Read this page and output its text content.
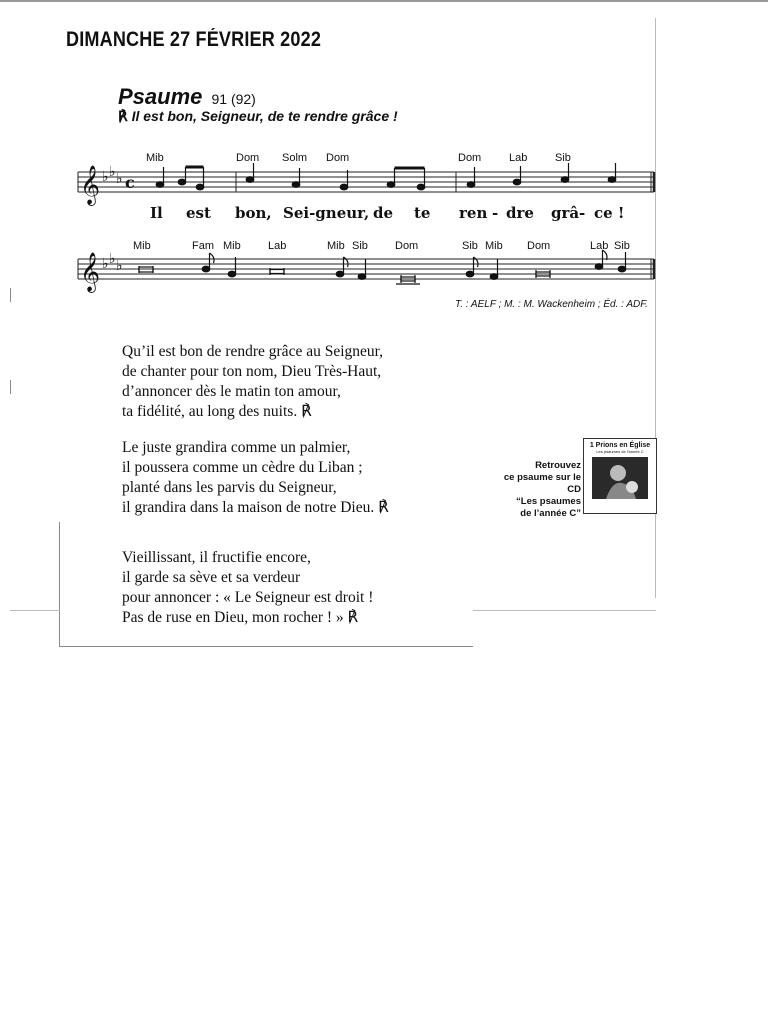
DIMANCHE 27 FÉVRIER 2022
Psaume 91 (92)
℟ Il est bon, Seigneur, de te rendre grâce !
𝄞
𝄞
♭ ♭ ♭
♭ ♭ ♭
c
Mib	Dom Solm Dom	Dom	Lab	Sib
Il est bon, Sei-gneur, de te ren - dre grâ - ce !
Mib	Fam Mib Lab	Mib Sib Dom	Sib Mib Dom	Lab Sib
T. : AELF ; M. : M. Wackenheim ; Éd. : ADF.
Qu’il est bon de rendre grâce au Seigneur,
de chanter pour ton nom, Dieu Très-Haut,
d’annoncer dès le matin ton amour,
ta fidélité, au long des nuits. ℟
Le juste grandira comme un palmier,
il poussera comme un cèdre du Liban ;
planté dans les parvis du Seigneur,
il grandira dans la maison de notre Dieu. ℟
Vieillissant, il fructifie encore,
il garde sa sève et sa verdeur
pour annoncer : « Le Seigneur est droit !
Pas de ruse en Dieu, mon rocher ! » ℟
Retrouvez
ce psaume sur le CD
“Les psaumes
de l’année C”
1 Prions en Église
Les psaumes de l’année C
